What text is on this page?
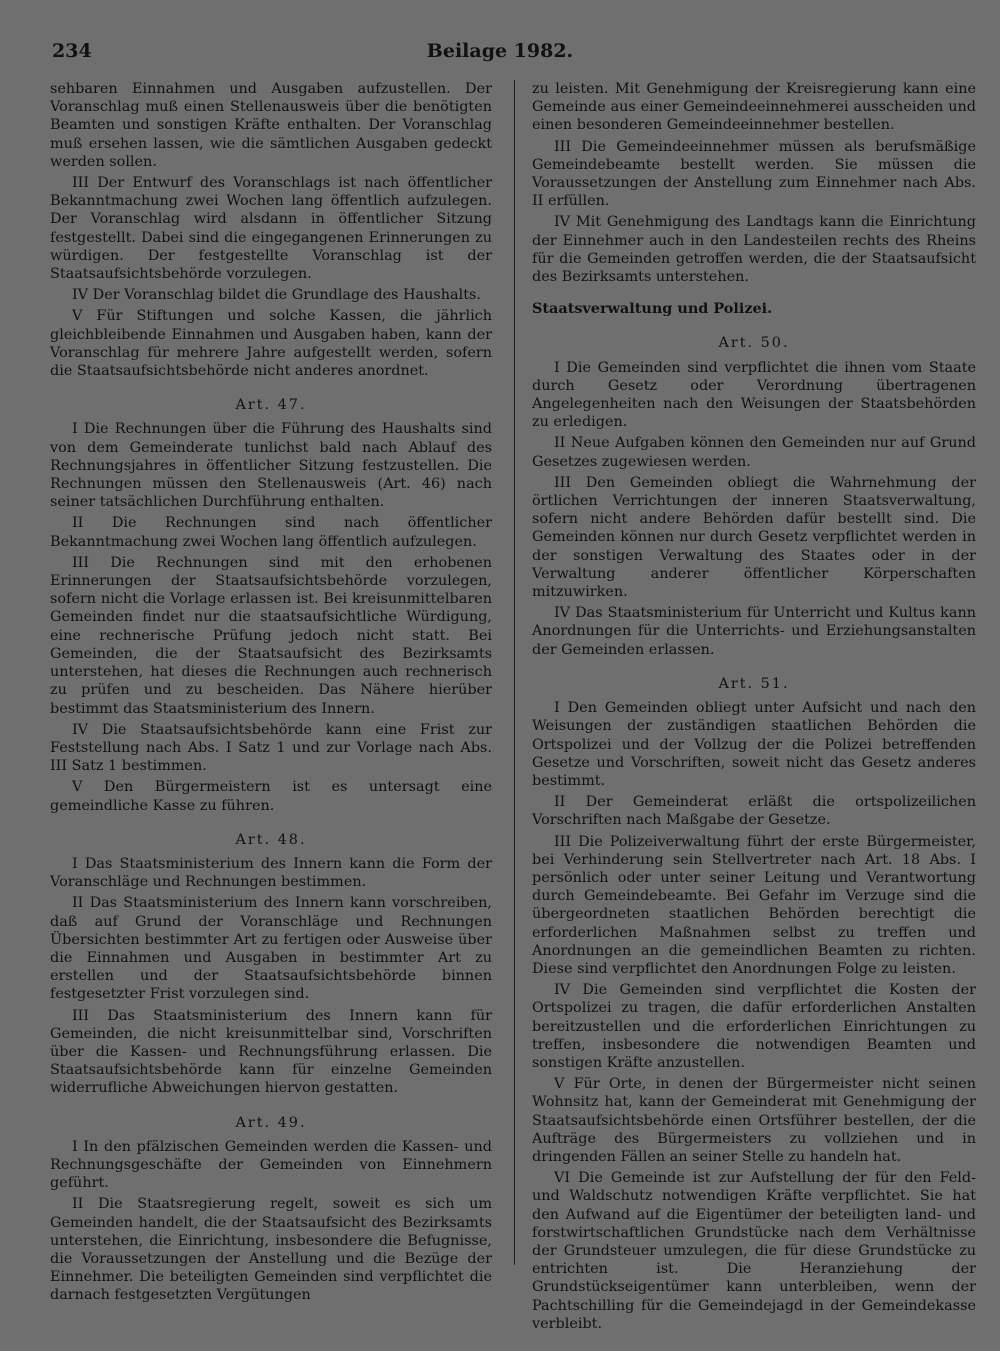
234	Beilage 1982.

sehbaren Einnahmen und Ausgaben aufzustellen. Der Voranschlag muß einen Stellenausweis über die benötigten Beamten und sonstigen Kräfte enthalten. Der Voranschlag muß ersehen lassen, wie die sämtlichen Ausgaben gedeckt werden sollen.

III Der Entwurf des Voranschlags ist nach öffentlicher Bekanntmachung zwei Wochen lang öffentlich aufzulegen. Der Voranschlag wird alsdann in öffentlicher Sitzung festgestellt. Dabei sind die eingegangenen Erinnerungen zu würdigen. Der festgestellte Voranschlag ist der Staatsaufsichtsbehörde vorzulegen.

IV Der Voranschlag bildet die Grundlage des Haushalts.

V Für Stiftungen und solche Kassen, die jährlich gleichbleibende Einnahmen und Ausgaben haben, kann der Voranschlag für mehrere Jahre aufgestellt werden, sofern die Staatsaufsichtsbehörde nicht anderes anordnet.

Art. 47.

I Die Rechnungen über die Führung des Haushalts sind von dem Gemeinderate tunlichst bald nach Ablauf des Rechnungsjahres in öffentlicher Sitzung festzustellen. Die Rechnungen müssen den Stellenausweis (Art. 46) nach seiner tatsächlichen Durchführung enthalten.

II Die Rechnungen sind nach öffentlicher Bekanntmachung zwei Wochen lang öffentlich aufzulegen.

III Die Rechnungen sind mit den erhobenen Erinnerungen der Staatsaufsichtsbehörde vorzulegen, sofern nicht die Vorlage erlassen ist. Bei kreisunmittelbaren Gemeinden findet nur die staatsaufsichtliche Würdigung, eine rechnerische Prüfung jedoch nicht statt. Bei Gemeinden, die der Staatsaufsicht des Bezirksamts unterstehen, hat dieses die Rechnungen auch rechnerisch zu prüfen und zu bescheiden. Das Nähere hierüber bestimmt das Staatsministerium des Innern.

IV Die Staatsaufsichtsbehörde kann eine Frist zur Feststellung nach Abs. I Satz 1 und zur Vorlage nach Abs. III Satz 1 bestimmen.

V Den Bürgermeistern ist es untersagt eine gemeindliche Kasse zu führen.

Art. 48.

I Das Staatsministerium des Innern kann die Form der Voranschläge und Rechnungen bestimmen.

II Das Staatsministerium des Innern kann vorschreiben, daß auf Grund der Voranschläge und Rechnungen Übersichten bestimmter Art zu fertigen oder Ausweise über die Einnahmen und Ausgaben in bestimmter Art zu erstellen und der Staatsaufsichtsbehörde binnen festgesetzter Frist vorzulegen sind.

III Das Staatsministerium des Innern kann für Gemeinden, die nicht kreisunmittelbar sind, Vorschriften über die Kassen- und Rechnungsführung erlassen. Die Staatsaufsichtsbehörde kann für einzelne Gemeinden widerrufliche Abweichungen hiervon gestatten.

Art. 49.

I In den pfälzischen Gemeinden werden die Kassen- und Rechnungsgeschäfte der Gemeinden von Einnehmern geführt.

II Die Staatsregierung regelt, soweit es sich um Gemeinden handelt, die der Staatsaufsicht des Bezirksamts unterstehen, die Einrichtung, insbesondere die Befugnisse, die Voraussetzungen der Anstellung und die Bezüge der Einnehmer. Die beteiligten Gemeinden sind verpflichtet die darnach festgesetzten Vergütungen

zu leisten. Mit Genehmigung der Kreisregierung kann eine Gemeinde aus einer Gemeindeeinnehmerei ausscheiden und einen besonderen Gemeindeeinnehmer bestellen.

III Die Gemeindeeinnehmer müssen als berufsmäßige Gemeindebeamte bestellt werden. Sie müssen die Voraussetzungen der Anstellung zum Einnehmer nach Abs. II erfüllen.

IV Mit Genehmigung des Landtags kann die Einrichtung der Einnehmer auch in den Landesteilen rechts des Rheins für die Gemeinden getroffen werden, die der Staatsaufsicht des Bezirksamts unterstehen.

Staatsverwaltung und Polizei.
Art. 50.

I Die Gemeinden sind verpflichtet die ihnen vom Staate durch Gesetz oder Verordnung übertragenen Angelegenheiten nach den Weisungen der Staatsbehörden zu erledigen.

II Neue Aufgaben können den Gemeinden nur auf Grund Gesetzes zugewiesen werden.

III Den Gemeinden obliegt die Wahrnehmung der örtlichen Verrichtungen der inneren Staatsverwaltung, sofern nicht andere Behörden dafür bestellt sind. Die Gemeinden können nur durch Gesetz verpflichtet werden in der sonstigen Verwaltung des Staates oder in der Verwaltung anderer öffentlicher Körperschaften mitzuwirken.

IV Das Staatsministerium für Unterricht und Kultus kann Anordnungen für die Unterrichts- und Erziehungsanstalten der Gemeinden erlassen.

Art. 51.

I Den Gemeinden obliegt unter Aufsicht und nach den Weisungen der zuständigen staatlichen Behörden die Ortspolizei und der Vollzug der die Polizei betreffenden Gesetze und Vorschriften, soweit nicht das Gesetz anderes bestimmt.

II Der Gemeinderat erläßt die ortspolizeilichen Vorschriften nach Maßgabe der Gesetze.

III Die Polizeiverwaltung führt der erste Bürgermeister, bei Verhinderung sein Stellvertreter nach Art. 18 Abs. I persönlich oder unter seiner Leitung und Verantwortung durch Gemeindebeamte. Bei Gefahr im Verzuge sind die übergeordneten staatlichen Behörden berechtigt die erforderlichen Maßnahmen selbst zu treffen und Anordnungen an die gemeindlichen Beamten zu richten. Diese sind verpflichtet den Anordnungen Folge zu leisten.

IV Die Gemeinden sind verpflichtet die Kosten der Ortspolizei zu tragen, die dafür erforderlichen Anstalten bereitzustellen und die erforderlichen Einrichtungen zu treffen, insbesondere die notwendigen Beamten und sonstigen Kräfte anzustellen.

V Für Orte, in denen der Bürgermeister nicht seinen Wohnsitz hat, kann der Gemeinderat mit Genehmigung der Staatsaufsichtsbehörde einen Ortsführer bestellen, der die Aufträge des Bürgermeisters zu vollziehen und in dringenden Fällen an seiner Stelle zu handeln hat.

VI Die Gemeinde ist zur Aufstellung der für den Feld- und Waldschutz notwendigen Kräfte verpflichtet. Sie hat den Aufwand auf die Eigentümer der beteiligten land- und forstwirtschaftlichen Grundstücke nach dem Verhältnisse der Grundsteuer umzulegen, die für diese Grundstücke zu entrichten ist. Die Heranziehung der Grundstückseigentümer kann unterbleiben, wenn der Pachtschilling für die Gemeindejagd in der Gemeindekasse verbleibt.
